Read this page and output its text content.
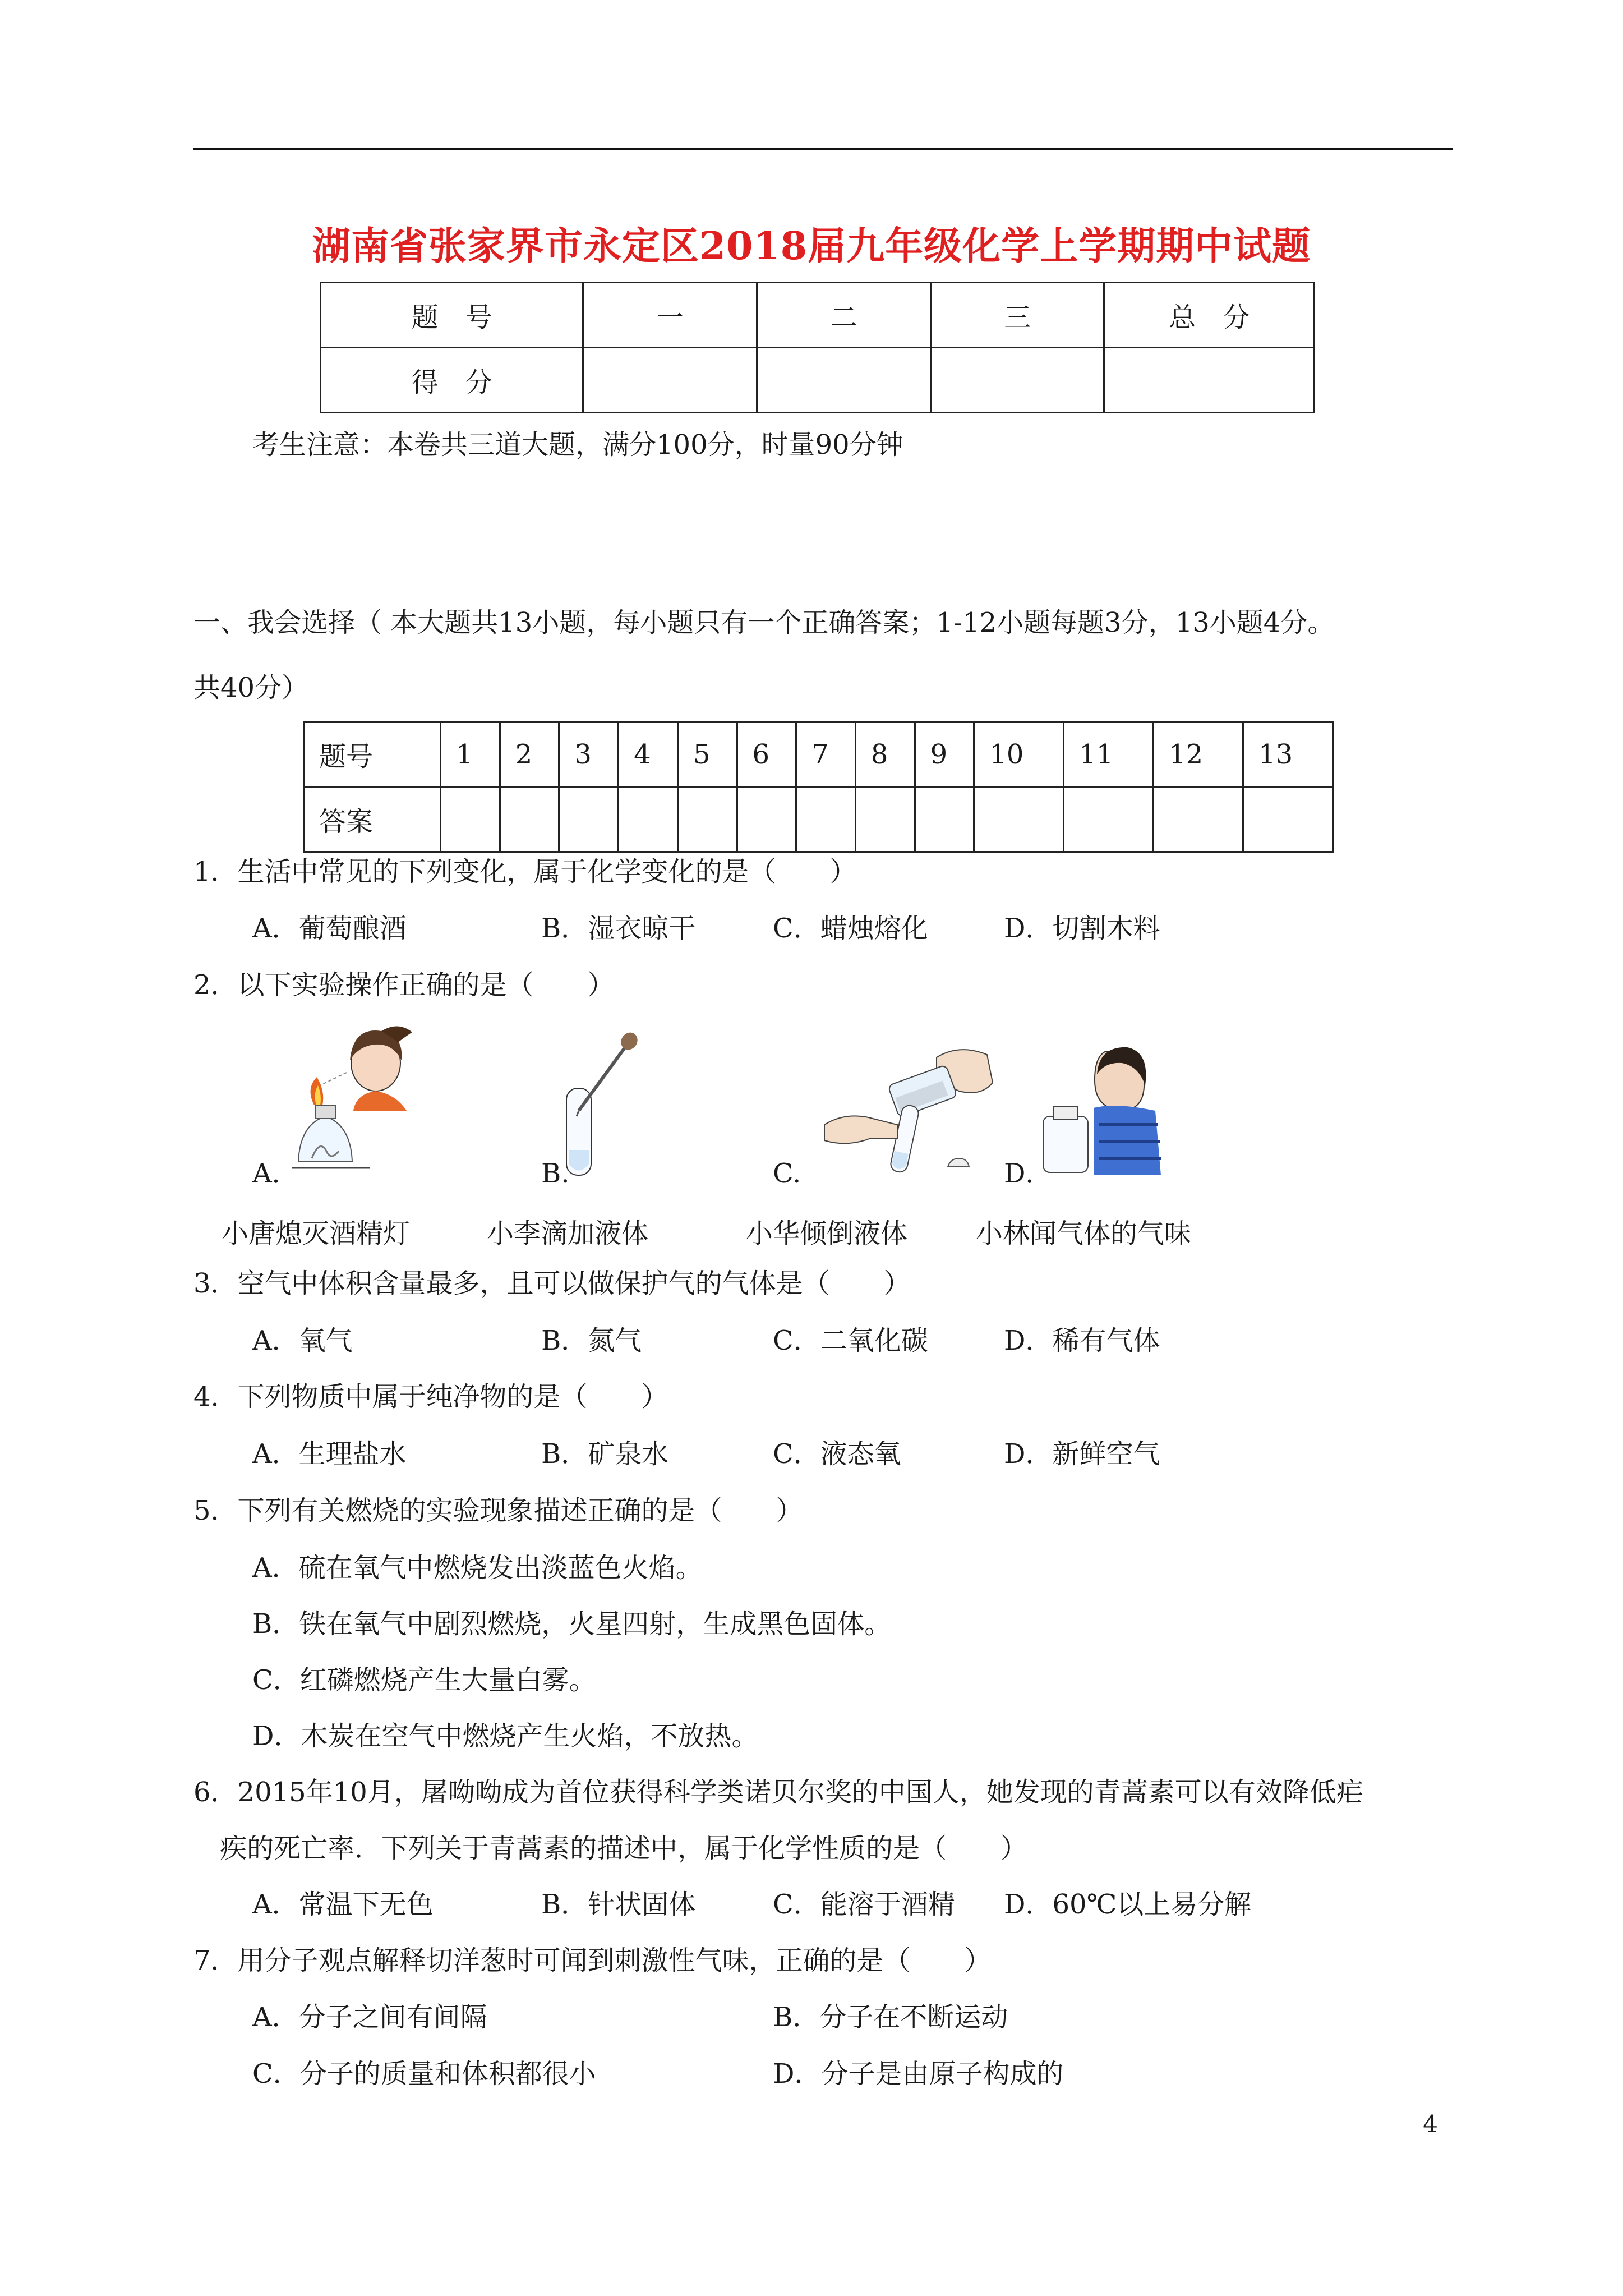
湖南省张家界市永定区2018届九年级化学上学期期中试题
题　号	一	二	三	总　分
得　分				
考生注意：本卷共三道大题，满分100分，时量90分钟
一、我会选择（ 本大题共13小题，每小题只有一个正确答案；1-12小题每题3分，13小题4分。
共40分）
题号	1	2	3	4	5	6	7	8	9	10	11	12	13
答案													
1．生活中常见的下列变化，属于化学变化的是（　　）
A．葡萄酿酒	B．湿衣晾干	C．蜡烛熔化	D．切割木料
2．以下实验操作正确的是（　　）
A．	B.	C.	D．
小唐熄灭酒精灯	小李滴加液体	小华倾倒液体	小林闻气体的气味
3．空气中体积含量最多，且可以做保护气的气体是（　　）
A．氧气	B．氮气	C．二氧化碳	D．稀有气体
4．下列物质中属于纯净物的是（　　）
A．生理盐水	B．矿泉水	C．液态氧	D．新鲜空气
5．下列有关燃烧的实验现象描述正确的是（　　）
A．硫在氧气中燃烧发出淡蓝色火焰。
B．铁在氧气中剧烈燃烧，火星四射，生成黑色固体。
C．红磷燃烧产生大量白雾。
D．木炭在空气中燃烧产生火焰，不放热。
6．2015年10月，屠呦呦成为首位获得科学类诺贝尔奖的中国人，她发现的青蒿素可以有效降低疟
疾的死亡率．下列关于青蒿素的描述中，属于化学性质的是（　　）
A．常温下无色	B．针状固体	C．能溶于酒精 D．60℃以上易分解
7．用分子观点解释切洋葱时可闻到刺激性气味，正确的是（　　）
A．分子之间有间隔	B．分子在不断运动
C．分子的质量和体积都很小	D．分子是由原子构成的
4
